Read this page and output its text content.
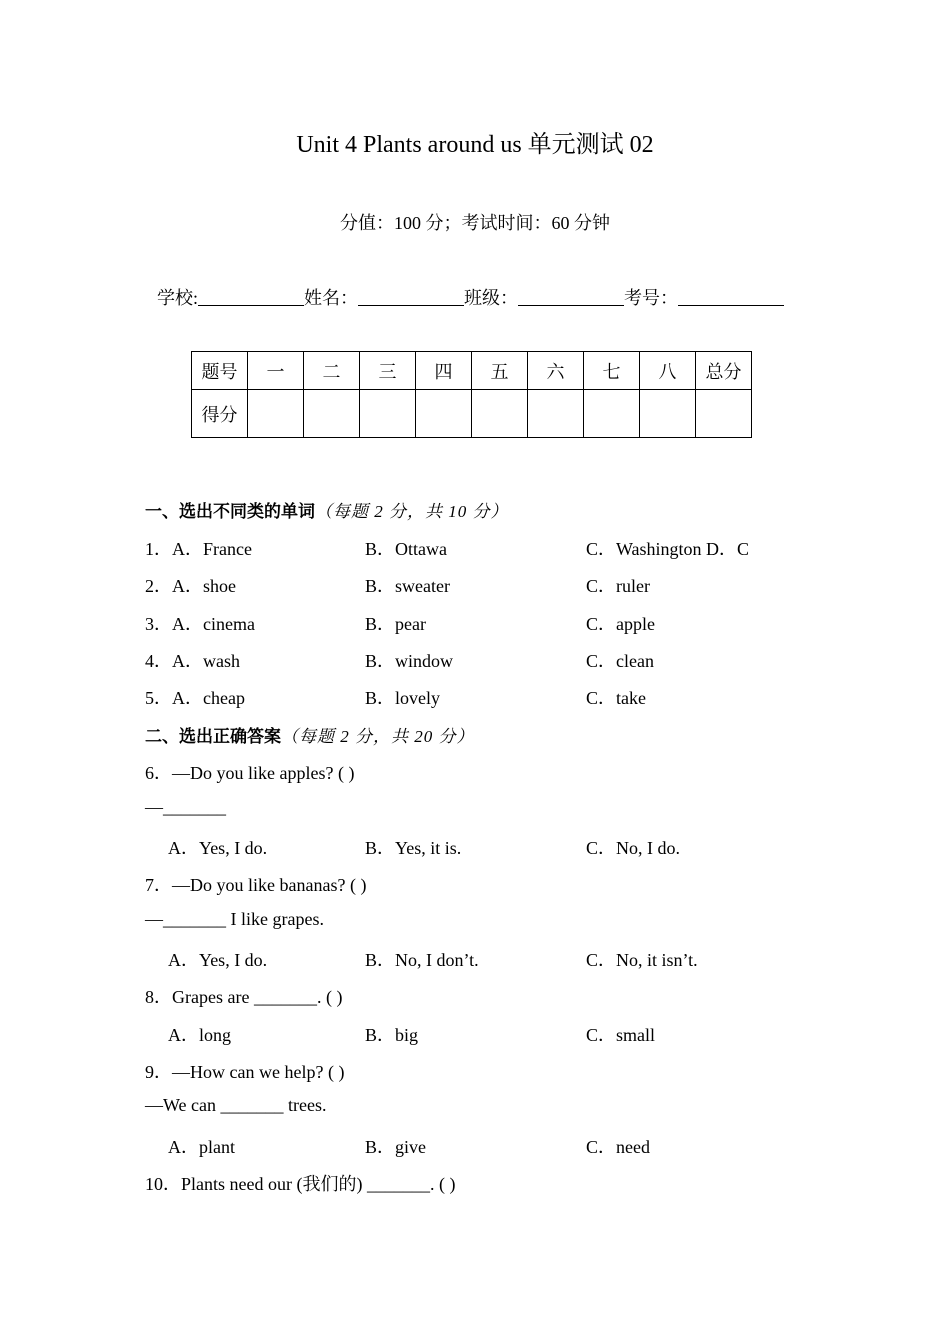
Unit 4 Plants around us 单元测试 02
分值：100 分；考试时间：60 分钟
学校:	姓名：	班级：	考号：
题号	一	二	三	四	五	六	七	八	总分
得分									
一、选出不同类的单词（每题 2 分，共 10 分）
1．A．France	B．Ottawa	C．Washington D．C
2．A．shoe	B．sweater	C．ruler
3．A．cinema	B．pear	C．apple
4．A．wash	B．window	C．clean
5．A．cheap	B．lovely	C．take
二、选出正确答案（每题 2 分，共 20 分）
6．—Do you like apples? ( )
—_______
A．Yes, I do.	B．Yes, it is.	C．No, I do.
7．—Do you like bananas? ( )
—_______ I like grapes.
A．Yes, I do.	B．No, I don’t.	C．No, it isn’t.
8．Grapes are _______. ( )
A．long	B．big	C．small
9．—How can we help? ( )
—We can _______ trees.
A．plant	B．give	C．need
10．Plants need our (我们的) _______. ( )
